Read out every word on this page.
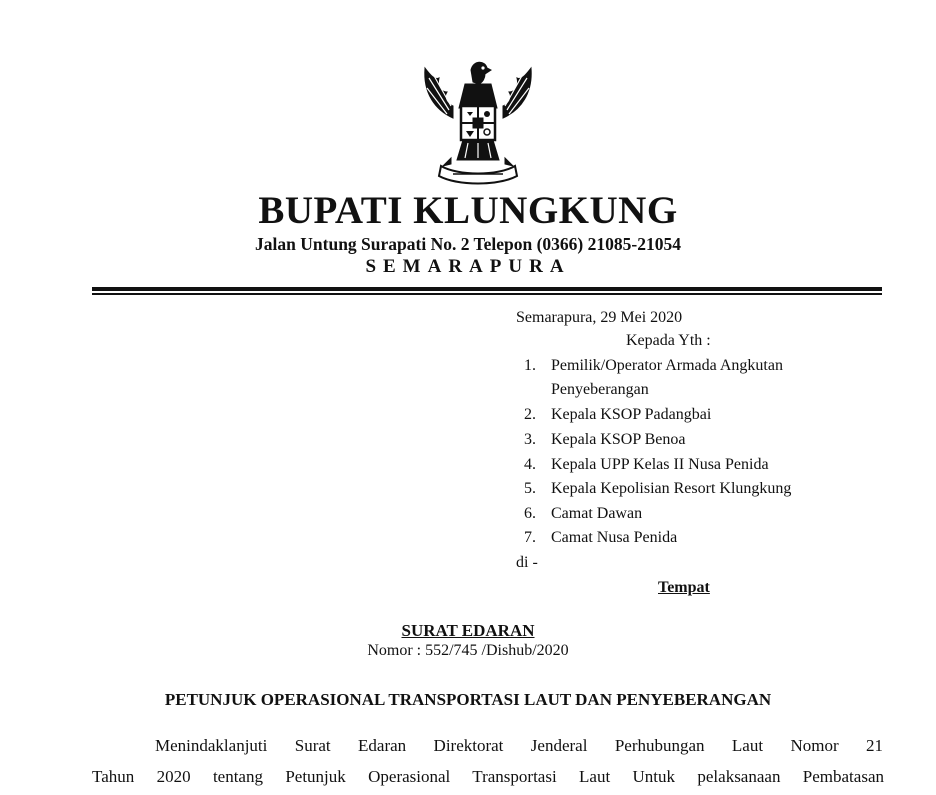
BUPATI KLUNGKUNG
Jalan Untung Surapati No. 2 Telepon (0366) 21085-21054
SEMARAPURA
Semarapura, 29 Mei 2020
Kepada Yth :
1. Pemilik/Operator Armada Angkutan
Penyeberangan
2. Kepala KSOP Padangbai
3. Kepala KSOP Benoa
4. Kepala UPP Kelas II Nusa Penida
5. Kepala Kepolisian Resort Klungkung
6. Camat Dawan
7. Camat Nusa Penida
di -
Tempat
SURAT EDARAN
Nomor : 552/745 /Dishub/2020
PETUNJUK OPERASIONAL TRANSPORTASI LAUT DAN PENYEBERANGAN
Menindaklanjuti Surat Edaran Direktorat Jenderal Perhubungan Laut Nomor 21
Tahun 2020 tentang Petunjuk Operasional Transportasi Laut Untuk pelaksanaan Pembatasan
